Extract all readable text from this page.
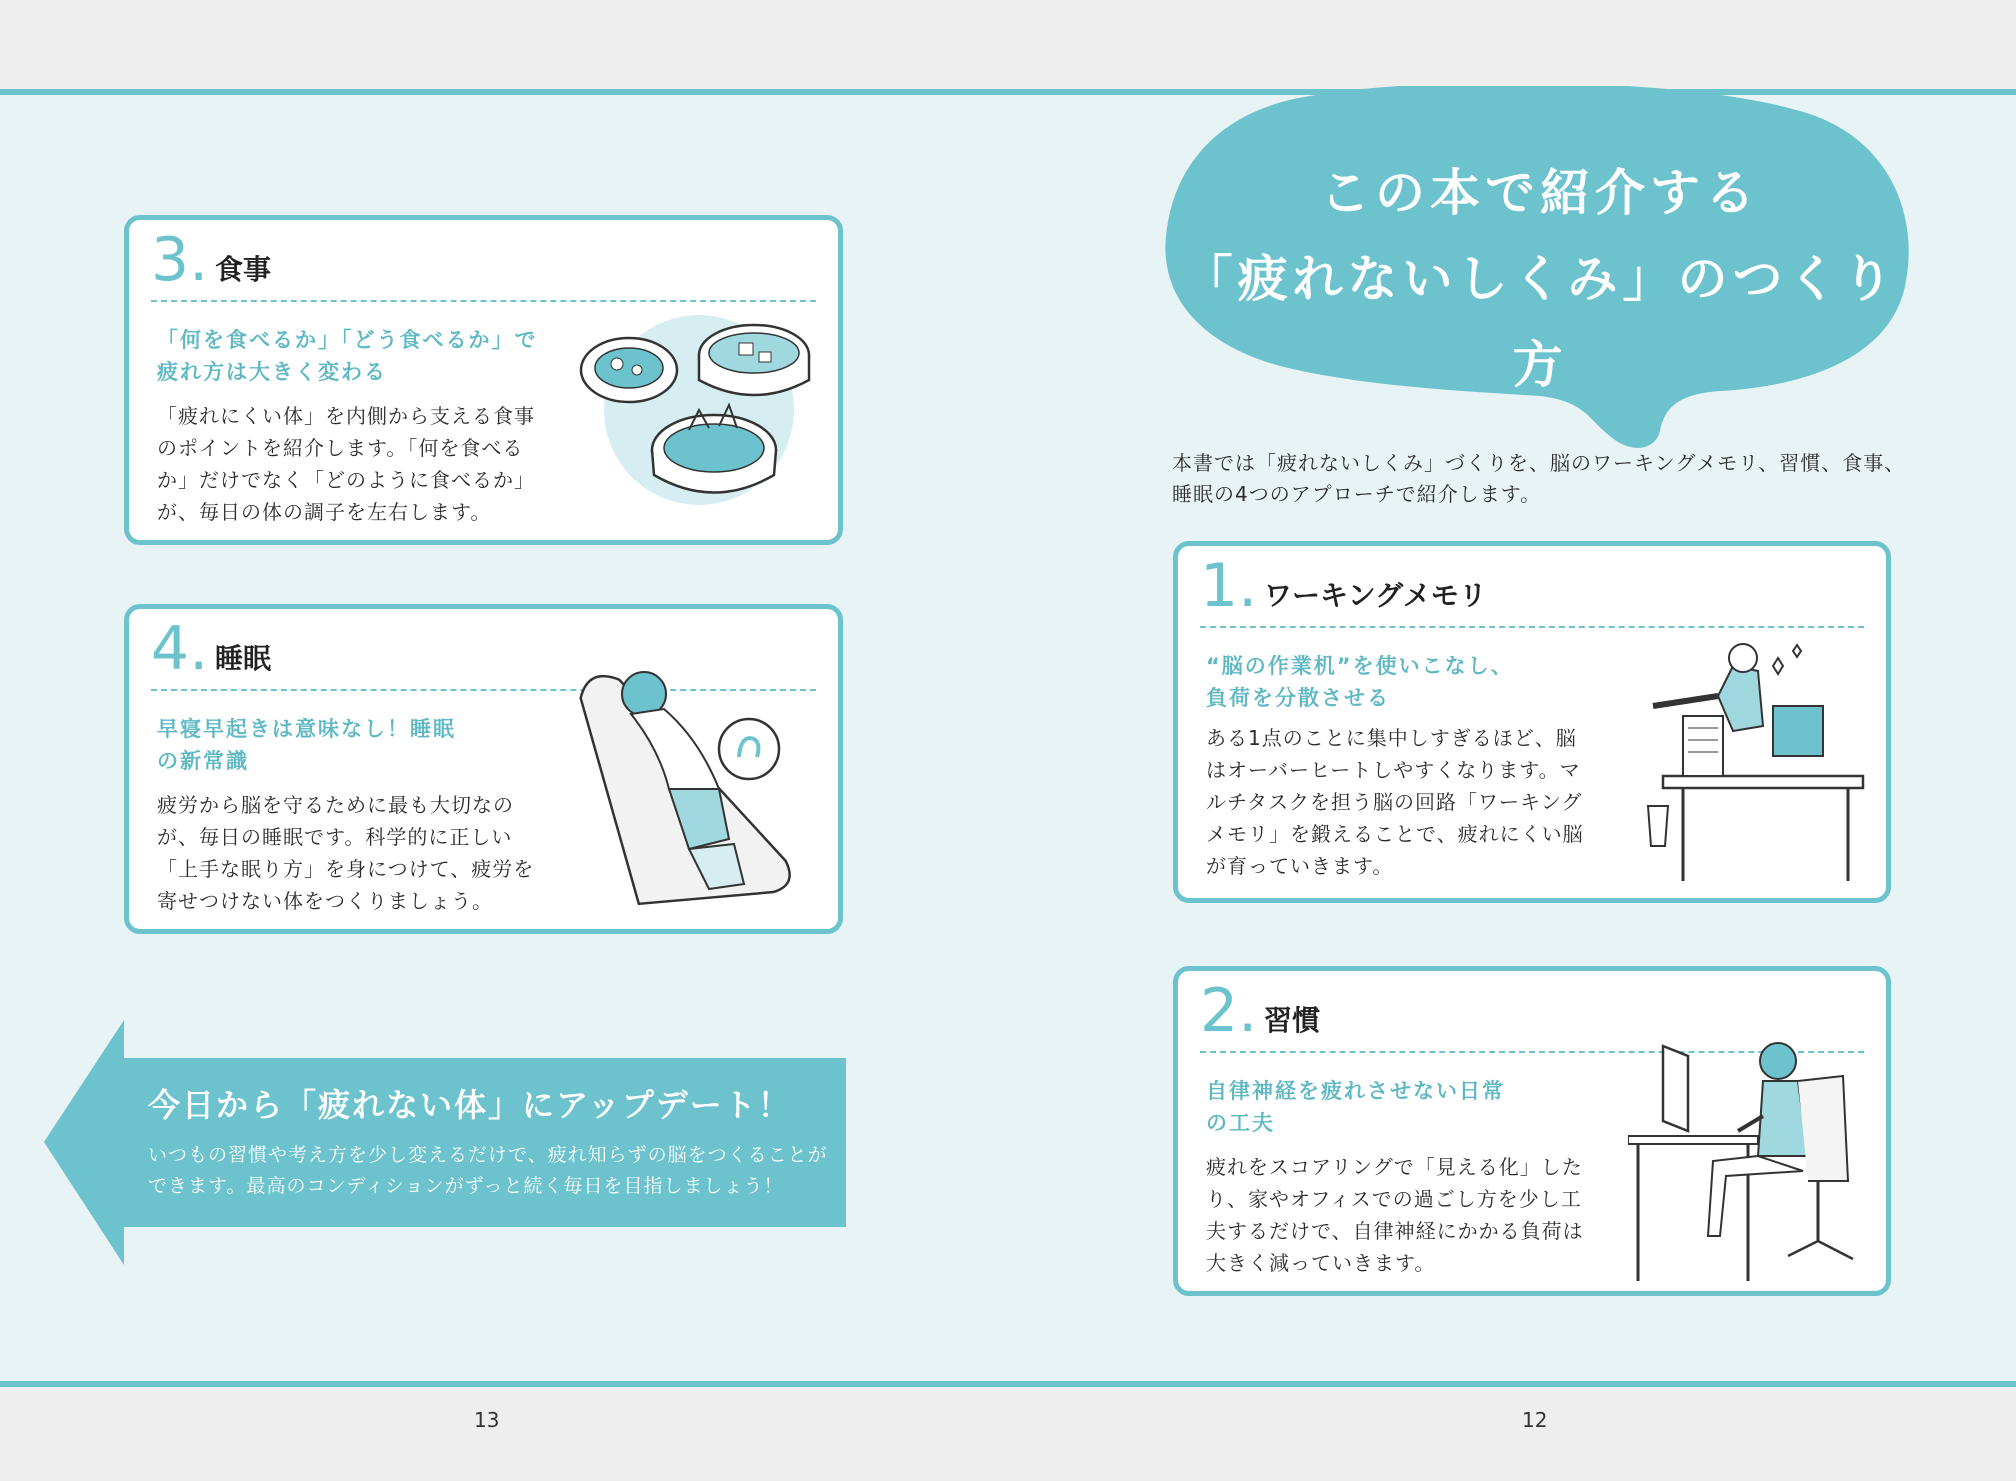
この本で紹介する
「疲れないしくみ」のつくり方
本書では「疲れないしくみ」づくりを、脳のワーキングメモリ、習慣、食事、睡眠の4つのアプローチで紹介します。
3. 食事
「何を食べるか」「どう食べるか」で疲れ方は大きく変わる
「疲れにくい体」を内側から支える食事のポイントを紹介します。「何を食べるか」だけでなく「どのように食べるか」が、毎日の体の調子を左右します。
4. 睡眠
早寝早起きは意味なし！睡眠の新常識
疲労から脳を守るために最も大切なのが、毎日の睡眠です。科学的に正しい「上手な眠り方」を身につけて、疲労を寄せつけない体をつくりましょう。
1. ワーキングメモリ
“脳の作業机”を使いこなし、負荷を分散させる
ある1点のことに集中しすぎるほど、脳はオーバーヒートしやすくなります。マルチタスクを担う脳の回路「ワーキングメモリ」を鍛えることで、疲れにくい脳が育っていきます。
2. 習慣
自律神経を疲れさせない日常の工夫
疲れをスコアリングで「見える化」したり、家やオフィスでの過ごし方を少し工夫するだけで、自律神経にかかる負荷は大きく減っていきます。
今日から「疲れない体」にアップデート！
いつもの習慣や考え方を少し変えるだけで、疲れ知らずの脳をつくることができます。最高のコンディションがずっと続く毎日を目指しましょう！
13	12
